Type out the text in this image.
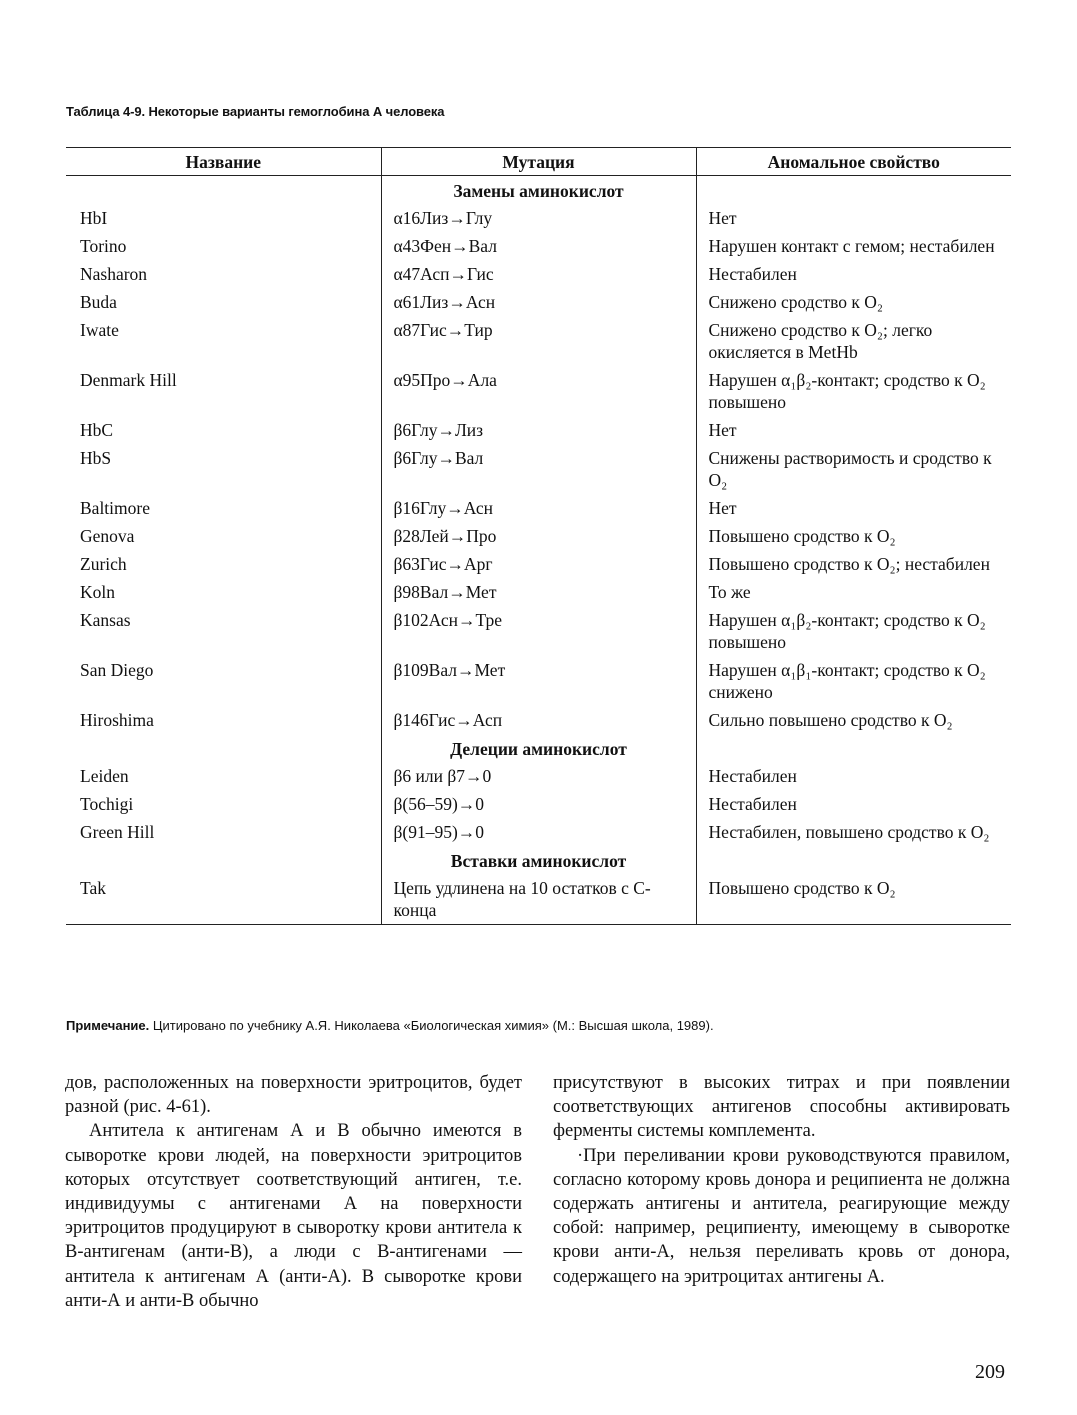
Таблица 4-9. Некоторые варианты гемоглобина А человека
Название	Мутация	Аномальное свойство
	Замены аминокислот	
HbI	α16Лиз→Глу	Нет
Torino	α43Фен→Вал	Нарушен контакт с гемом; нестабилен
Nasharon	α47Асп→Гис	Нестабилен
Buda	α61Лиз→Асн	Снижено сродство к O₂
Iwate	α87Гис→Тир	Снижено сродство к O₂; легко окисляется в MetHb
Denmark Hill	α95Про→Ала	Нарушен α₁β₂-контакт; сродство к O₂ повышено
HbC	β6Глу→Лиз	Нет
HbS	β6Глу→Вал	Снижены растворимость и сродство к O₂
Baltimore	β16Глу→Асн	Нет
Genova	β28Лей→Про	Повышено сродство к O₂
Zurich	β63Гис→Арг	Повышено сродство к O₂; нестабилен
Koln	β98Вал→Мет	То же
Kansas	β102Асн→Тре	Нарушен α₁β₂-контакт; сродство к O₂ повышено
San Diego	β109Вал→Мет	Нарушен α₁β₁-контакт; сродство к O₂ снижено
Hiroshima	β146Гис→Асп	Сильно повышено сродство к O₂
	Делеции аминокислот	
Leiden	β6 или β7→0	Нестабилен
Tochigi	β(56–59)→0	Нестабилен
Green Hill	β(91–95)→0	Нестабилен, повышено сродство к O₂
	Вставки аминокислот	
Tak	Цепь удлинена на 10 остатков с С-конца	Повышено сродство к O₂
Примечание. Цитировано по учебнику А.Я. Николаева «Биологическая химия» (М.: Высшая школа, 1989).

дов, расположенных на поверхности эритроцитов, будет разной (рис. 4-61).

Антитела к антигенам А и В обычно имеются в сыворотке крови людей, на поверхности эритроцитов которых отсутствует соответствующий антиген, т.е. индивидуумы с антигенами А на поверхности эритроцитов продуцируют в сыворотку крови антитела к В-антигенам (анти-В), а люди с В-антигенами — антитела к антигенам А (анти-А). В сыворотке крови анти-А и анти-В обычно

присутствуют в высоких титрах и при появлении соответствующих антигенов способны активировать ферменты системы комплемента.

·При переливании крови руководствуются правилом, согласно которому кровь донора и реципиента не должна содержать антигены и антитела, реагирующие между собой: например, реципиенту, имеющему в сыворотке крови анти-А, нельзя переливать кровь от донора, содержащего на эритроцитах антигены А.

209
